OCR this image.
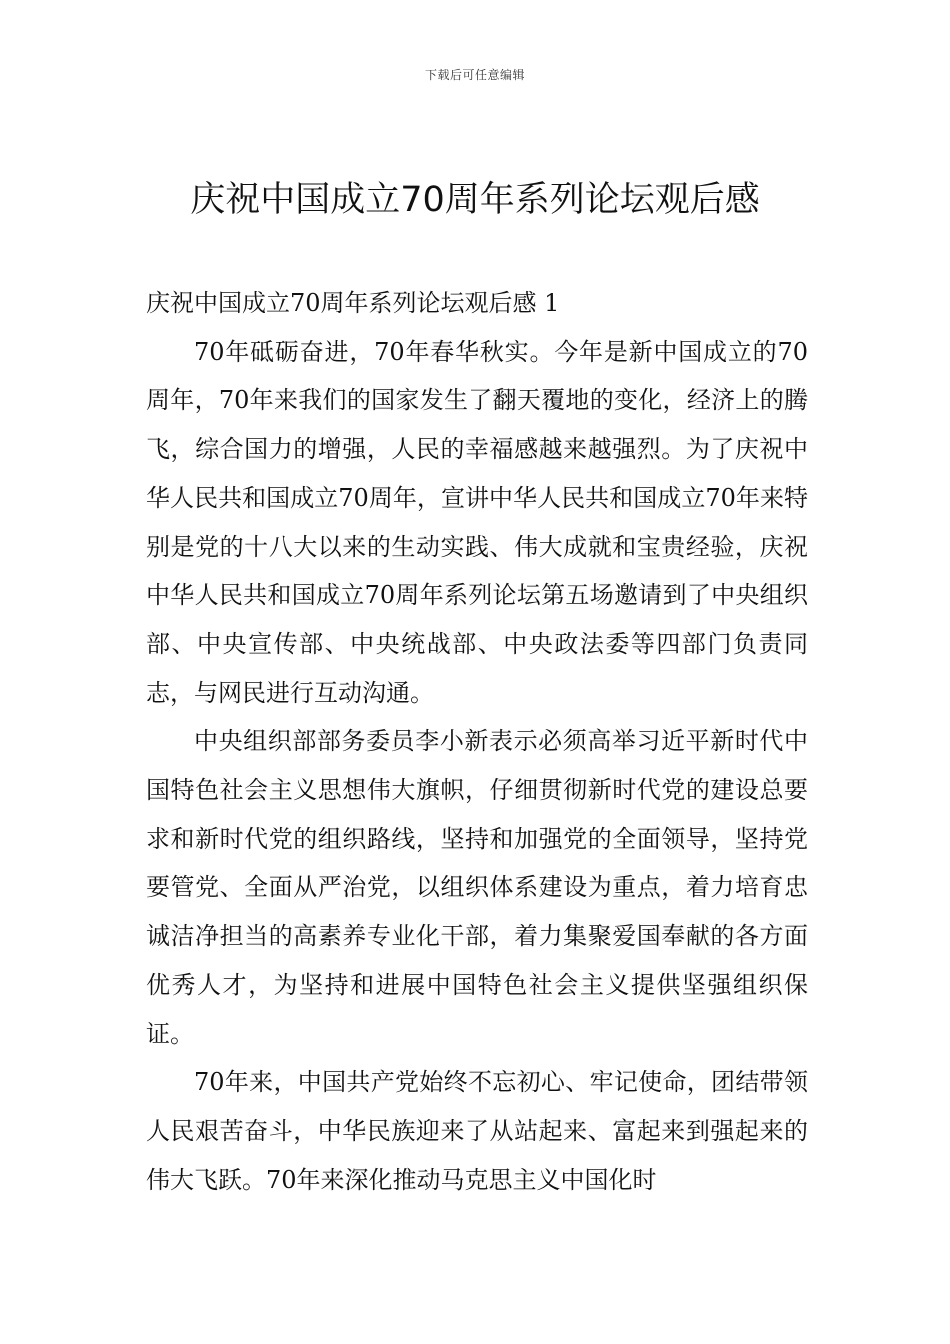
下载后可任意编辑
庆祝中国成立70周年系列论坛观后感

庆祝中国成立70周年系列论坛观后感 1

70年砥砺奋进，70年春华秋实。今年是新中国成立的70周年，70年来我们的国家发生了翻天覆地的变化，经济上的腾飞，综合国力的增强，人民的幸福感越来越强烈。为了庆祝中华人民共和国成立70周年，宣讲中华人民共和国成立70年来特别是党的十八大以来的生动实践、伟大成就和宝贵经验，庆祝中华人民共和国成立70周年系列论坛第五场邀请到了中央组织部、中央宣传部、中央统战部、中央政法委等四部门负责同志，与网民进行互动沟通。

中央组织部部务委员李小新表示必须高举习近平新时代中国特色社会主义思想伟大旗帜，仔细贯彻新时代党的建设总要求和新时代党的组织路线，坚持和加强党的全面领导，坚持党要管党、全面从严治党，以组织体系建设为重点，着力培育忠诚洁净担当的高素养专业化干部，着力集聚爱国奉献的各方面优秀人才，为坚持和进展中国特色社会主义提供坚强组织保证。

70年来，中国共产党始终不忘初心、牢记使命，团结带领人民艰苦奋斗，中华民族迎来了从站起来、富起来到强起来的伟大飞跃。70年来深化推动马克思主义中国化时
